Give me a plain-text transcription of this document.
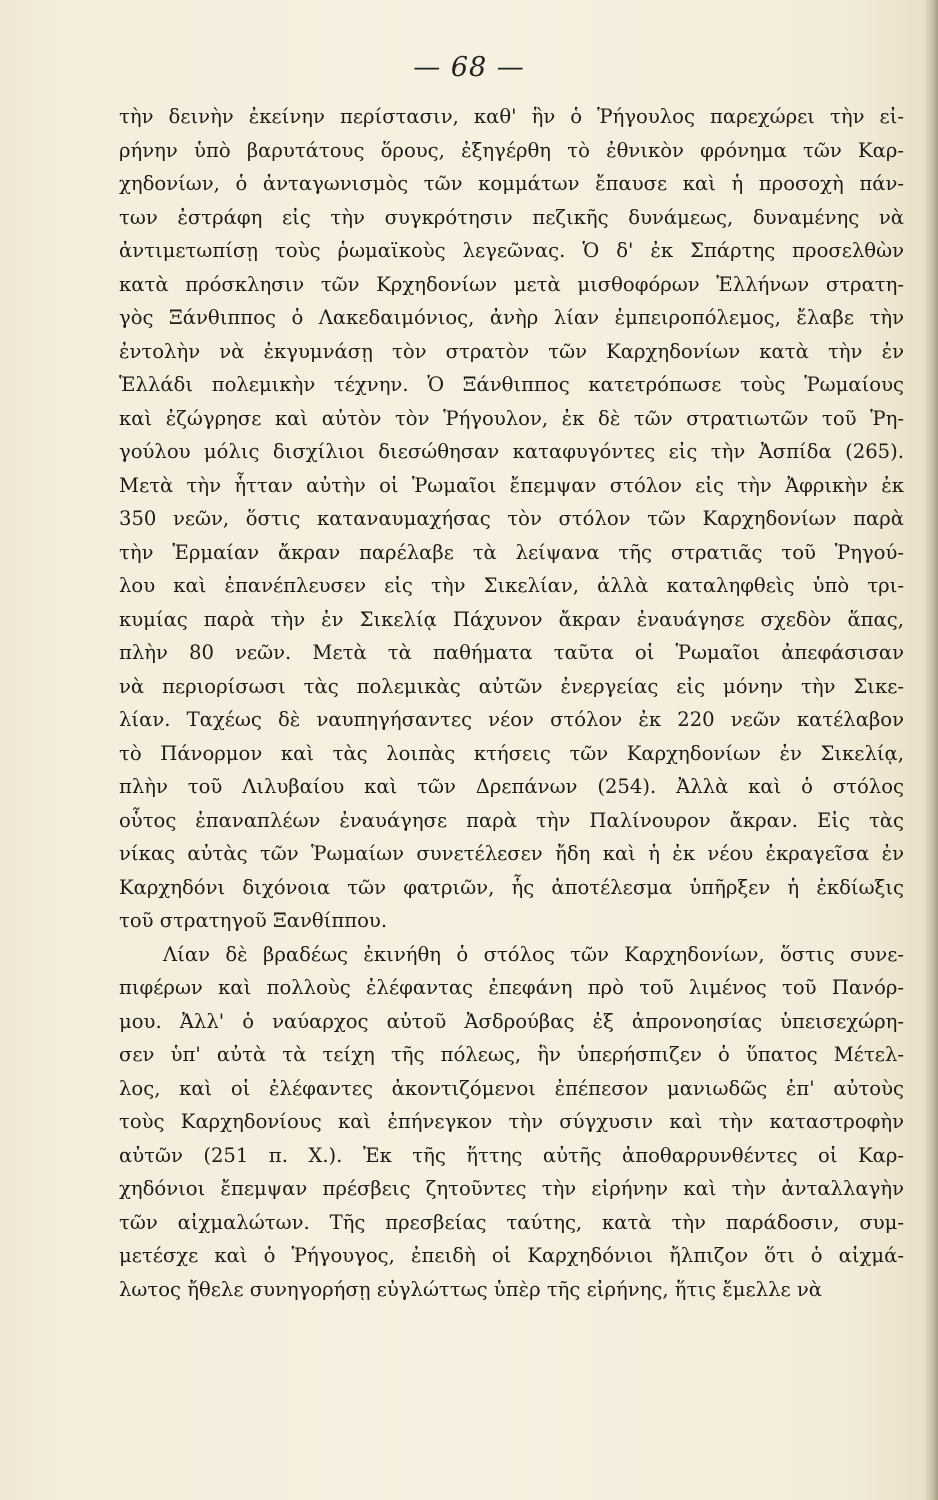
— 68 —
τὴν δεινὴν ἐκείνην περίστασιν, καθ' ἣν ὁ Ῥήγουλος παρεχώρει τὴν εἰ-
ρήνην ὑπὸ βαρυτάτους ὅρους, ἐξηγέρθη τὸ ἐθνικὸν φρόνημα τῶν Καρ-
χηδονίων, ὁ ἀνταγωνισμὸς τῶν κομμάτων ἔπαυσε καὶ ἡ προσοχὴ πάν-
των ἐστράφη εἰς τὴν συγκρότησιν πεζικῆς δυνάμεως, δυναμένης νὰ
ἀντιμετωπίσῃ τοὺς ῥωμαϊκοὺς λεγεῶνας. Ὁ δ' ἐκ Σπάρτης προσελθὼν
κατὰ πρόσκλησιν τῶν Κρχηδονίων μετὰ μισθοφόρων Ἑλλήνων στρατη-
γὸς Ξάνθιππος ὁ Λακεδαιμόνιος, ἀνὴρ λίαν ἐμπειροπόλεμος, ἔλαβε τὴν
ἐντολὴν νὰ ἐκγυμνάσῃ τὸν στρατὸν τῶν Καρχηδονίων κατὰ τὴν ἐν
Ἑλλάδι πολεμικὴν τέχνην. Ὁ Ξάνθιππος κατετρόπωσε τοὺς Ῥωμαίους
καὶ ἐζώγρησε καὶ αὐτὸν τὸν Ῥήγουλον, ἐκ δὲ τῶν στρατιωτῶν τοῦ Ῥη-
γούλου μόλις δισχίλιοι διεσώθησαν καταφυγόντες εἰς τὴν Ἀσπίδα (265).
Μετὰ τὴν ἧτταν αὐτὴν οἱ Ῥωμαῖοι ἔπεμψαν στόλον εἰς τὴν Ἀφρικὴν ἐκ
350 νεῶν, ὅστις καταναυμαχήσας τὸν στόλον τῶν Καρχηδονίων παρὰ
τὴν Ἑρμαίαν ἄκραν παρέλαβε τὰ λείψανα τῆς στρατιᾶς τοῦ Ῥηγού-
λου καὶ ἐπανέπλευσεν εἰς τὴν Σικελίαν, ἀλλὰ καταληφθεὶς ὑπὸ τρι-
κυμίας παρὰ τὴν ἐν Σικελίᾳ Πάχυνον ἄκραν ἐναυάγησε σχεδὸν ἅπας,
πλὴν 80 νεῶν. Μετὰ τὰ παθήματα ταῦτα οἱ Ῥωμαῖοι ἀπεφάσισαν
νὰ περιορίσωσι τὰς πολεμικὰς αὐτῶν ἐνεργείας εἰς μόνην τὴν Σικε-
λίαν. Ταχέως δὲ ναυπηγήσαντες νέον στόλον ἐκ 220 νεῶν κατέλαβον
τὸ Πάνορμον καὶ τὰς λοιπὰς κτήσεις τῶν Καρχηδονίων ἐν Σικελίᾳ,
πλὴν τοῦ Λιλυβαίου καὶ τῶν Δρεπάνων (254). Ἀλλὰ καὶ ὁ στόλος
οὗτος ἐπαναπλέων ἐναυάγησε παρὰ τὴν Παλίνουρον ἄκραν. Εἰς τὰς
νίκας αὐτὰς τῶν Ῥωμαίων συνετέλεσεν ἤδη καὶ ἡ ἐκ νέου ἐκραγεῖσα ἐν
Καρχηδόνι διχόνοια τῶν φατριῶν, ἧς ἀποτέλεσμα ὑπῆρξεν ἡ ἐκδίωξις
τοῦ στρατηγοῦ Ξανθίππου.
Λίαν δὲ βραδέως ἐκινήθη ὁ στόλος τῶν Καρχηδονίων, ὅστις συνε-
πιφέρων καὶ πολλοὺς ἐλέφαντας ἐπεφάνη πρὸ τοῦ λιμένος τοῦ Πανόρ-
μου. Ἀλλ' ὁ ναύαρχος αὐτοῦ Ἀσδρούβας ἐξ ἀπρονοησίας ὑπεισεχώρη-
σεν ὑπ' αὐτὰ τὰ τείχη τῆς πόλεως, ἣν ὑπερήσπιζεν ὁ ὕπατος Μέτελ-
λος, καὶ οἱ ἐλέφαντες ἀκοντιζόμενοι ἐπέπεσον μανιωδῶς ἐπ' αὐτοὺς
τοὺς Καρχηδονίους καὶ ἐπήνεγκον τὴν σύγχυσιν καὶ τὴν καταστροφὴν
αὐτῶν (251 π. Χ.). Ἐκ τῆς ἥττης αὐτῆς ἀποθαρρυνθέντες οἱ Καρ-
χηδόνιοι ἔπεμψαν πρέσβεις ζητοῦντες τὴν εἰρήνην καὶ τὴν ἀνταλλαγὴν
τῶν αἰχμαλώτων. Τῆς πρεσβείας ταύτης, κατὰ τὴν παράδοσιν, συμ-
μετέσχε καὶ ὁ Ῥήγουγος, ἐπειδὴ οἱ Καρχηδόνιοι ἤλπιζον ὅτι ὁ αἰχμά-
λωτος ἤθελε συνηγορήσῃ εὐγλώττως ὑπὲρ τῆς εἰρήνης, ἥτις ἔμελλε νὰ
